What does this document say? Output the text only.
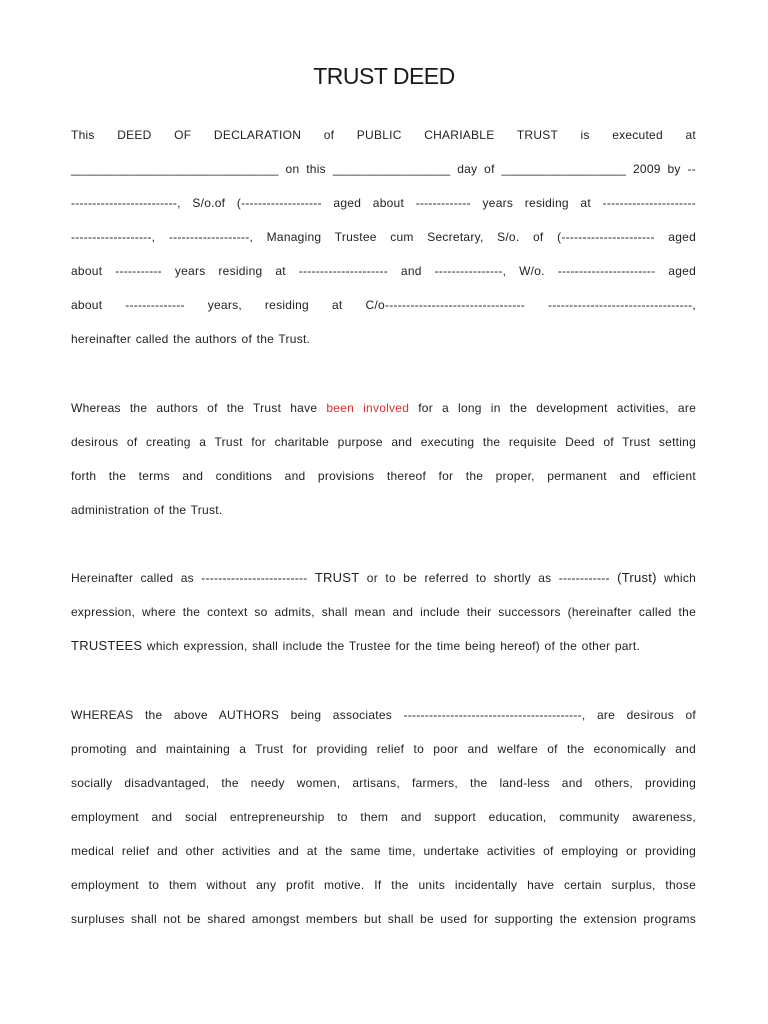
TRUST DEED
This DEED OF DECLARATION of PUBLIC CHARIABLE TRUST is executed at
______________________________ on this _________________ day of __________________ 2009 by --
-------------------------, S/o.of (------------------- aged about ------------- years residing at ----------------------
-------------------, -------------------, Managing Trustee cum Secretary, S/o. of (---------------------- aged
about ----------- years residing at --------------------- and ----------------, W/o. ----------------------- aged
about -------------- years, residing at C/o--------------------------------- ----------------------------------,
hereinafter called the authors of the Trust.
Whereas the authors of the Trust have been involved for a long in the development activities, are
desirous of creating a Trust for charitable purpose and executing the requisite Deed of Trust setting
forth the terms and conditions and provisions thereof for the proper, permanent and efficient
administration of the Trust.
Hereinafter called as ------------------------- TRUST or to be referred to shortly as ------------ (Trust) which
expression, where the context so admits, shall mean and include their successors (hereinafter called the
TRUSTEES which expression, shall include the Trustee for the time being hereof) of the other part.
WHEREAS the above AUTHORS being associates ------------------------------------------, are desirous of
promoting and maintaining a Trust for providing relief to poor and welfare of the economically and
socially disadvantaged, the needy women, artisans, farmers, the land-less and others, providing
employment and social entrepreneurship to them and support education, community awareness,
medical relief and other activities and at the same time, undertake activities of employing or providing
employment to them without any profit motive. If the units incidentally have certain surplus, those
surpluses shall not be shared amongst members but shall be used for supporting the extension programs
